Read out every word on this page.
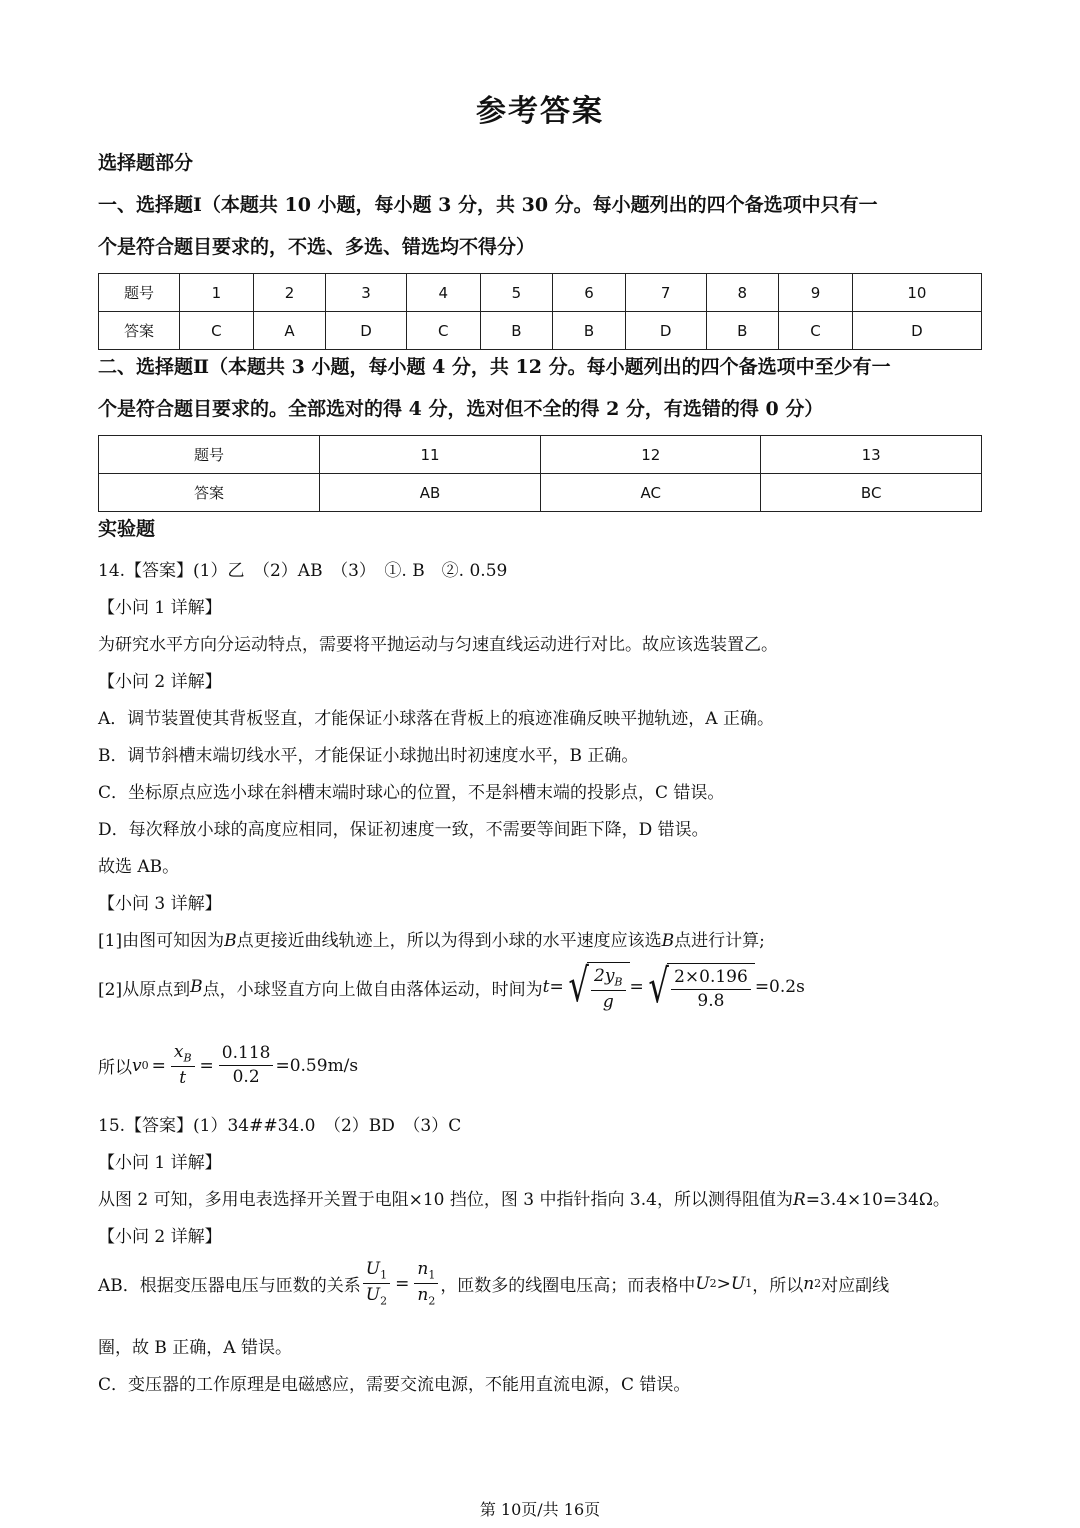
参考答案
选择题部分
一、选择题Ⅰ（本题共 10 小题，每小题 3 分，共 30 分。每小题列出的四个备选项中只有一
个是符合题目要求的，不选、多选、错选均不得分）
题号	1	2	3	4	5	6	7	8	9	10
答案	C	A	D	C	B	B	D	B	C	D
二、选择题Ⅱ（本题共 3 小题，每小题 4 分，共 12 分。每小题列出的四个备选项中至少有一
个是符合题目要求的。全部选对的得 4 分，选对但不全的得 2 分，有选错的得 0 分）
题号	11	12	13
答案	AB	AC	BC
实验题
14.【答案】(1）乙　（2）AB　（3）　①. B　②. 0.59
【小问 1 详解】
为研究水平方向分运动特点，需要将平抛运动与匀速直线运动进行对比。故应该选装置乙。
【小问 2 详解】
A．调节装置使其背板竖直，才能保证小球落在背板上的痕迹准确反映平抛轨迹，A 正确。
B．调节斜槽末端切线水平，才能保证小球抛出时初速度水平，B 正确。
C．坐标原点应选小球在斜槽末端时球心的位置，不是斜槽末端的投影点，C 错误。
D．每次释放小球的高度应相同，保证初速度一致，不需要等间距下降，D 错误。
故选 AB。
【小问 3 详解】
[1]由图可知因为B点更接近曲线轨迹上，所以为得到小球的水平速度应该选B点进行计算;
[2]从原点到 B 点，小球竖直方向上做自由落体运动，时间为 t = √ $\frac{2y_B}{g}$ = √ $\frac{2\times 0.196}{9.8} =0.2s$
所以 v $0 = \frac{x_B}{t} = \frac{0.118}{0.2} =0.59m/s$
15.【答案】(1）34##34.0　（2）BD　（3）C
【小问 1 详解】
从图 2 可知，多用电表选择开关置于电阻×10 挡位，图 3 中指针指向 3.4，所以测得阻值为R=3.4×10=34Ω。
【小问 2 详解】
AB．根据变压器电压与匝数的关系 $\frac{U_1}{U_2} = \frac{n_1}{n_2}$ ，匝数多的线圈电压高；而表格中 U 2 >U 1 ，所以 n 2 对应副线
圈，故 B 正确，A 错误。
C．变压器的工作原理是电磁感应，需要交流电源，不能用直流电源，C 错误。
第 10页/共 16页
